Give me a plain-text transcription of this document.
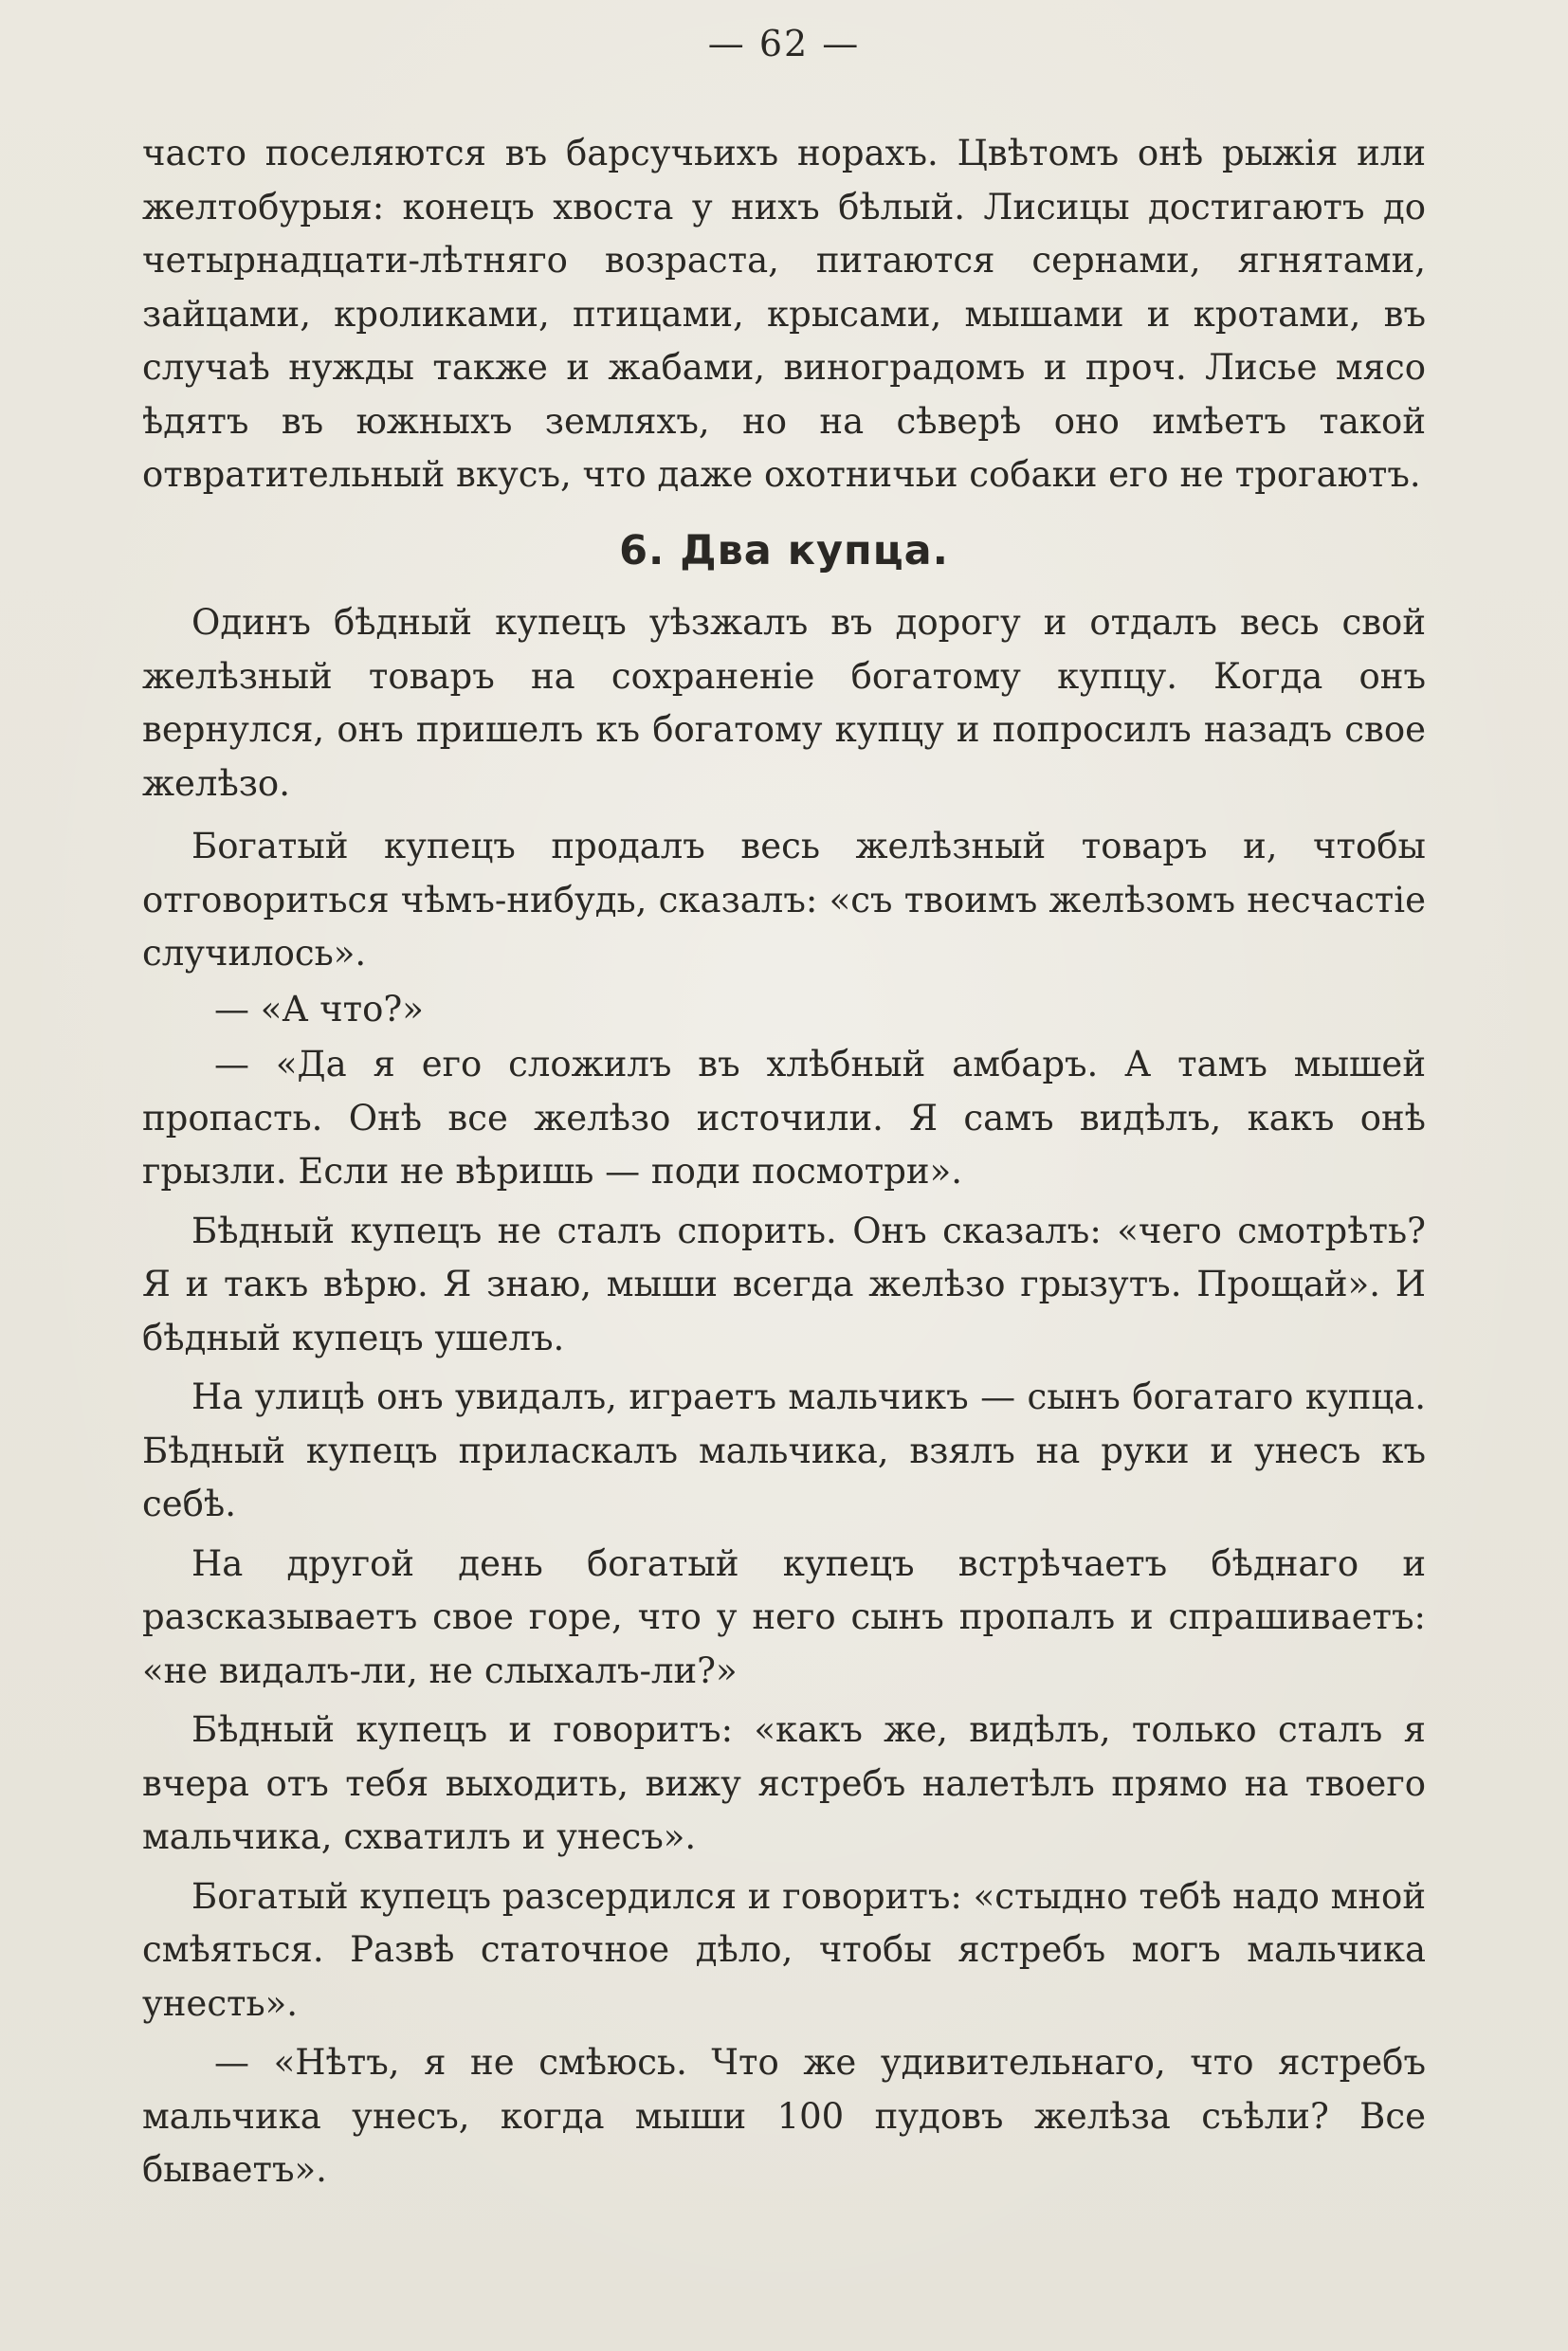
— 62 —

часто поселяются въ барсучьихъ норахъ. Цвѣтомъ онѣ рыжія или желтобурыя: конецъ хвоста у нихъ бѣлый. Лисицы достигаютъ до четырнадцати-лѣтняго возраста, питаются сернами, ягнятами, зайцами, кроликами, птицами, крысами, мышами и кротами, въ случаѣ нужды также и жабами, виноградомъ и проч. Лисье мясо ѣдятъ въ южныхъ земляхъ, но на сѣверѣ оно имѣетъ такой отвратительный вкусъ, что даже охотничьи собаки его не трогаютъ.

6. Два купца.

Одинъ бѣдный купецъ уѣзжалъ въ дорогу и отдалъ весь свой желѣзный товаръ на сохраненіе богатому купцу. Когда онъ вернулся, онъ пришелъ къ богатому купцу и попросилъ назадъ свое желѣзо.

Богатый купецъ продалъ весь желѣзный товаръ и, чтобы отговориться чѣмъ-нибудь, сказалъ: «съ твоимъ желѣзомъ несчастіе случилось».

— «А что?»

— «Да я его сложилъ въ хлѣбный амбаръ. А тамъ мышей пропасть. Онѣ все желѣзо источили. Я самъ видѣлъ, какъ онѣ грызли. Если не вѣришь — поди посмотри».

Бѣдный купецъ не сталъ спорить. Онъ сказалъ: «чего смотрѣть? Я и такъ вѣрю. Я знаю, мыши всегда желѣзо грызутъ. Прощай». И бѣдный купецъ ушелъ.

На улицѣ онъ увидалъ, играетъ мальчикъ — сынъ богатаго купца. Бѣдный купецъ приласкалъ мальчика, взялъ на руки и унесъ къ себѣ.

На другой день богатый купецъ встрѣчаетъ бѣднаго и разсказываетъ свое горе, что у него сынъ пропалъ и спрашиваетъ: «не видалъ-ли, не слыхалъ-ли?»

Бѣдный купецъ и говоритъ: «какъ же, видѣлъ, только сталъ я вчера отъ тебя выходить, вижу ястребъ налетѣлъ прямо на твоего мальчика, схватилъ и унесъ».

Богатый купецъ разсердился и говоритъ: «стыдно тебѣ надо мной смѣяться. Развѣ статочное дѣло, чтобы ястребъ могъ мальчика унесть».

— «Нѣтъ, я не смѣюсь. Что же удивительнаго, что ястребъ мальчика унесъ, когда мыши 100 пудовъ желѣза съѣли? Все бываетъ».
